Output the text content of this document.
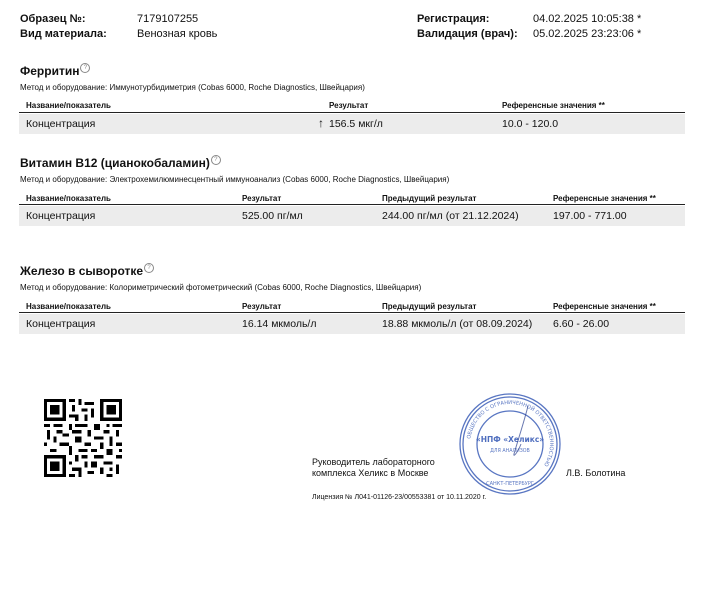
Образец №:	7179107255
Вид материала:	Венозная кровь
Регистрация:	04.02.2025 10:05:38 *
Валидация (врач): 05.02.2025 23:23:06 *
Ферритин ?
Метод и оборудование: Иммунотурбидиметрия (Cobas 6000, Roche Diagnostics, Швейцария)
Название/показатель	Результат	Референсные значения **
Концентрация	↑ 156.5 мкг/л	10.0 - 120.0
Витамин В12 (цианокобаламин) ?
Метод и оборудование: Электрохемилюминесцентный иммуноанализ (Cobas 6000, Roche Diagnostics, Швейцария)
Название/показатель	Результат	Предыдущий результат	Референсные значения **
Концентрация	525.00 пг/мл	244.00 пг/мл (от 21.12.2024)	197.00 - 771.00
Железо в сыворотке ?
Метод и оборудование: Колориметрический фотометрический (Cobas 6000, Roche Diagnostics, Швейцария)
Название/показатель	Результат	Предыдущий результат	Референсные значения **
Концентрация	16.14 мкмоль/л	18.88 мкмоль/л (от 08.09.2024) 6.60 - 26.00
Руководитель лабораторного
комплекса Хеликс в Москве	Л.В. Болотина
Лицензия № Л041-01126-23/00553381 от 10.11.2020 г.
ОБЩЕСТВО С ОГРАНИЧЕННОЙ ОТВЕТСТВЕННОСТЬЮ
САНКТ-ПЕТЕРБУРГ
«НПФ «Хеликс»
ДЛЯ АНАЛИЗОВ
